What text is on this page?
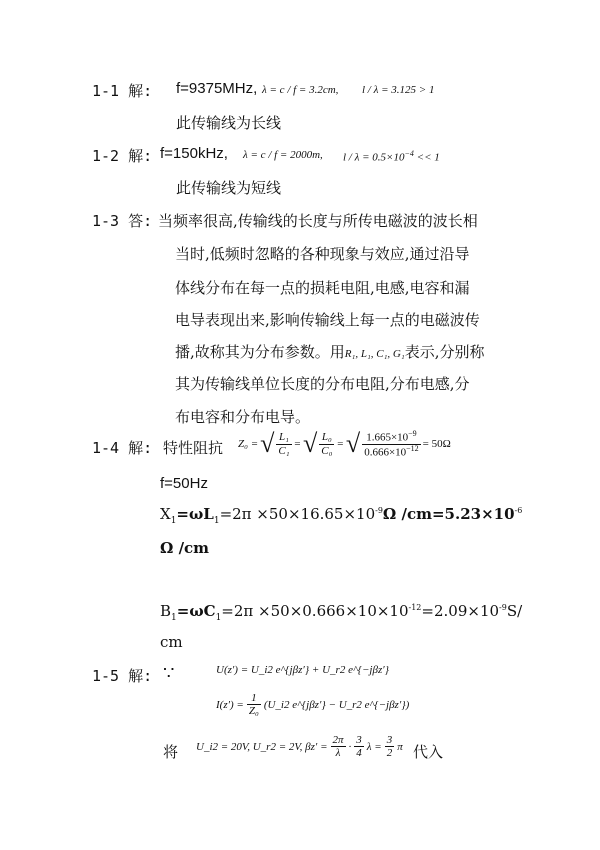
1-1 解: f=9375MHz, λ = c / f = 3.2cm, l / λ = 3.125 > 1
此传输线为长线
1-2 解: f=150kHz, λ = c / f = 2000m, $l / \lambda = 0.5\times 10^{-4} << 1$
此传输线为短线
1-3 答: 当频率很高,传输线的长度与所传电磁波的波长相
当时,低频时忽略的各种现象与效应,通过沿导
体线分布在每一点的损耗电阻,电感,电容和漏
电导表现出来,影响传输线上每一点的电磁波传
播,故称其为分布参数。用R₁, L₁, C₁, G₁表示,分别称
其为传输线单位长度的分布电阻,分布电感,分
布电容和分布电导。
1-4 解: 特性阻抗 Z₀ = √ $\frac{\text{L₁}}{\text{C₁}}$ = √ $\frac{\text{L₀}}{\text{C₀}}$ = √ $\frac{1.665\times 10^{-9}}{0.666\times 10^{-12}} = 50\Omega$
f=50Hz
$X_1=\omega L_1=2\pi \times 50\times 16.65\times 10^{-9}\Omega$ $/cm=5.23\times 10^{-6}$
Ω /cm
$B_1=\omega C_1=2\pi \times 50\times 0.666\times 10\times 10^{-12}=2.09\times 10^{-9}S/$
cm
1-5 解: ∵	U(z′) = U_i2 e^{jβz′} + U_r2 e^{−jβz′}
$I(z') = \frac{1}{\text{Z₀}}$ (U_i2 e^{jβz′} − U_r2 e^{−jβz′})
将 U_i2 = 20V, U_r2 = 2V, $\beta z' = \frac{2\pi}{\lambda} \cdot \frac{3}{4}$ $\lambda = \frac{3}{2}$ π 代入
